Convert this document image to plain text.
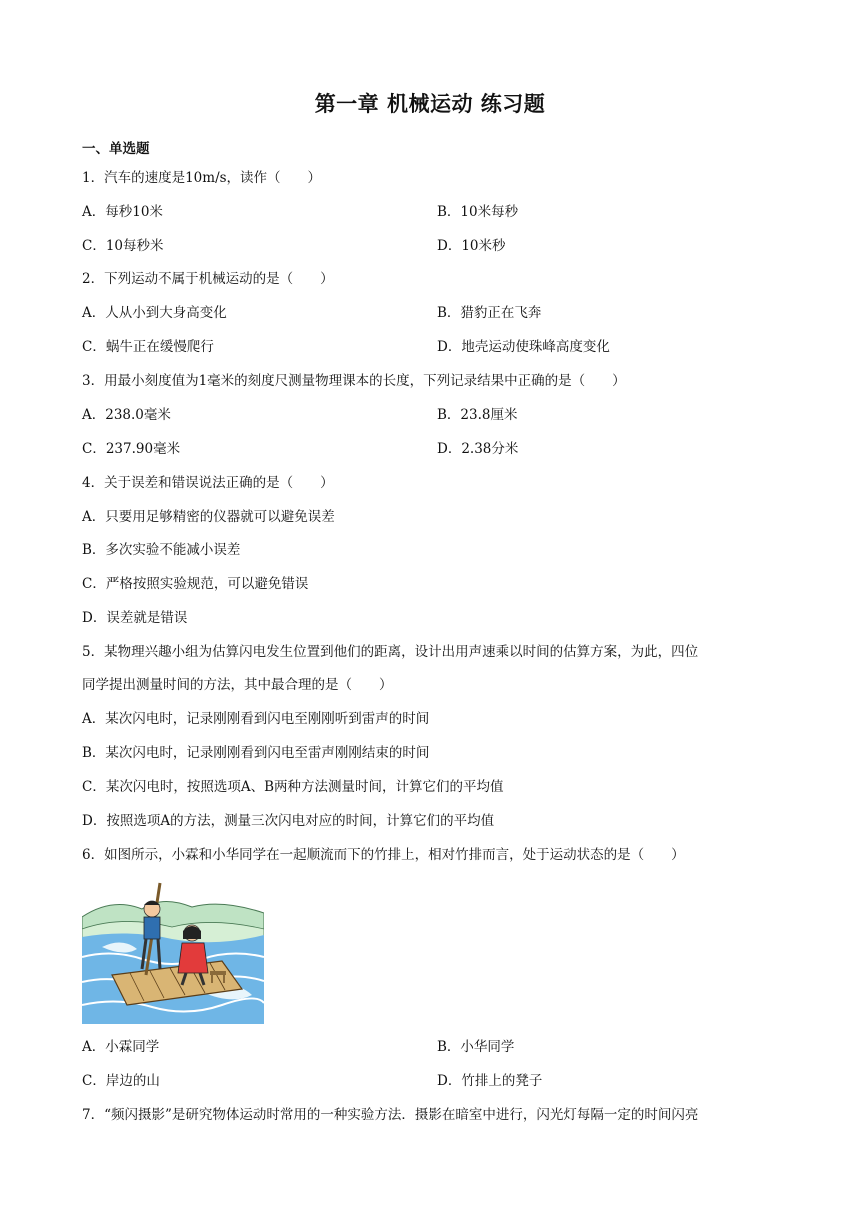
第一章 机械运动 练习题
一、单选题
1．汽车的速度是10m/s，读作（　　）
A．每秒10米	B．10米每秒
C．10每秒米	D．10米秒
2．下列运动不属于机械运动的是（　　）
A．人从小到大身高变化	B．猎豹正在飞奔
C．蜗牛正在缓慢爬行	D．地壳运动使珠峰高度变化
3．用最小刻度值为1毫米的刻度尺测量物理课本的长度，下列记录结果中正确的是（　　）
A．238.0毫米	B．23.8厘米
C．237.90毫米	D．2.38分米
4．关于误差和错误说法正确的是（　　）
A．只要用足够精密的仪器就可以避免误差
B．多次实验不能减小误差
C．严格按照实验规范，可以避免错误
D．误差就是错误
5．某物理兴趣小组为估算闪电发生位置到他们的距离，设计出用声速乘以时间的估算方案，为此，四位
同学提出测量时间的方法，其中最合理的是（　　）
A．某次闪电时，记录刚刚看到闪电至刚刚听到雷声的时间
B．某次闪电时，记录刚刚看到闪电至雷声刚刚结束的时间
C．某次闪电时，按照选项A、B两种方法测量时间，计算它们的平均值
D．按照选项A的方法，测量三次闪电对应的时间，计算它们的平均值
6．如图所示，小霖和小华同学在一起顺流而下的竹排上，相对竹排而言，处于运动状态的是（　　）
A．小霖同学	B．小华同学
C．岸边的山	D．竹排上的凳子
7．“频闪摄影”是研究物体运动时常用的一种实验方法．摄影在暗室中进行，闪光灯每隔一定的时间闪亮
